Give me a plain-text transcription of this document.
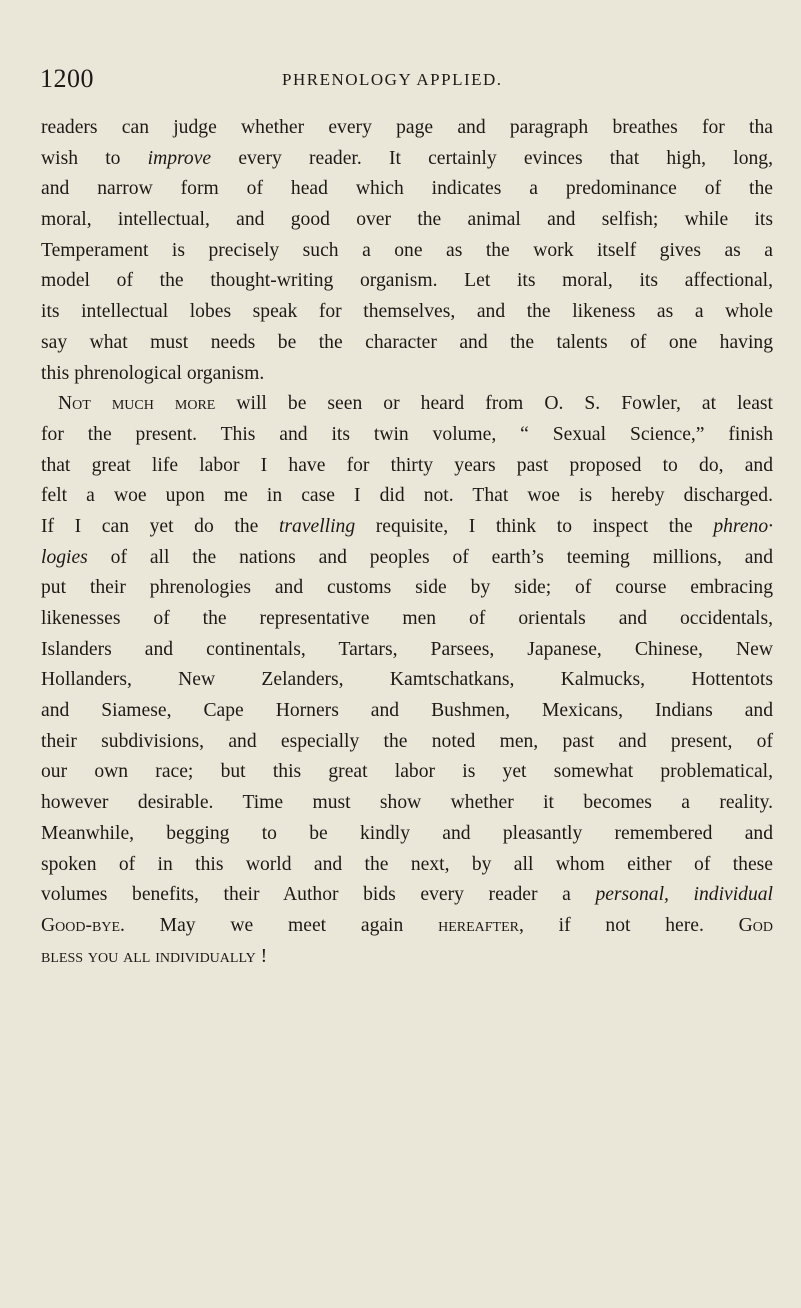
1200	PHRENOLOGY APPLIED.
readers can judge whether every page and paragraph breathes for tha
wish to improve every reader. It certainly evinces that high, long,
and narrow form of head which indicates a predominance of the
moral, intellectual, and good over the animal and selfish; while its
Temperament is precisely such a one as the work itself gives as a
model of the thought-writing organism. Let its moral, its affectional,
its intellectual lobes speak for themselves, and the likeness as a whole
say what must needs be the character and the talents of one having
this phrenological organism.
Not much more will be seen or heard from O. S. Fowler, at least
for the present. This and its twin volume, “ Sexual Science,” finish
that great life labor I have for thirty years past proposed to do, and
felt a woe upon me in case I did not. That woe is hereby discharged.
If I can yet do the travelling requisite, I think to inspect the phreno·
logies of all the nations and peoples of earth’s teeming millions, and
put their phrenologies and customs side by side; of course embracing
likenesses of the representative men of orientals and occidentals,
Islanders and continentals, Tartars, Parsees, Japanese, Chinese, New
Hollanders, New Zelanders, Kamtschatkans, Kalmucks, Hottentots
and Siamese, Cape Horners and Bushmen, Mexicans, Indians and
their subdivisions, and especially the noted men, past and present, of
our own race; but this great labor is yet somewhat problematical,
however desirable. Time must show whether it becomes a reality.
Meanwhile, begging to be kindly and pleasantly remembered and
spoken of in this world and the next, by all whom either of these
volumes benefits, their Author bids every reader a personal, individual
Good-bye. May we meet again hereafter, if not here. God
bless you all individually !
